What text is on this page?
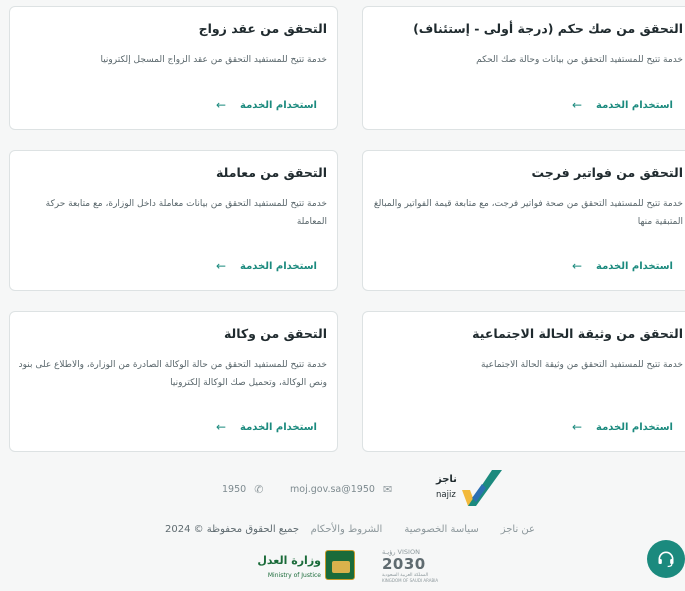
التحقق من صك حكم (درجة أولى - إستئناف)
خدمة تتيح للمستفيد التحقق من بيانات وحالة صك الحكم
استخدام الخدمة
←
التحقق من عقد زواج
خدمة تتيح للمستفيد التحقق من عقد الزواج المسجل إلكترونيا
استخدام الخدمة
←
التحقق من فواتير فرجت
خدمة تتيح للمستفيد التحقق من صحة فواتير فرجت، مع متابعة قيمة الفواتير والمبالغ المتبقية منها
استخدام الخدمة
←
التحقق من معاملة
خدمة تتيح للمستفيد التحقق من بيانات معاملة داخل الوزارة، مع متابعة حركة المعاملة
استخدام الخدمة
←
التحقق من وثيقة الحالة الاجتماعية
خدمة تتيح للمستفيد التحقق من وثيقة الحالة الاجتماعية
استخدام الخدمة
←
التحقق من وكالة
خدمة تتيح للمستفيد التحقق من حالة الوكالة الصادرة من الوزارة، والاطلاع على بنود ونص الوكالة، وتحميل صك الوكالة إلكترونيا
استخدام الخدمة
←
ناجز
najiz
✉
1950@moj.gov.sa
✆
1950
عن ناجز
سياسة الخصوصية
الشروط والأحكام
جميع الحقوق محفوظة © 2024
وزارة العدل
Ministry of Justice
VISION رؤيـة
2030
المملكة العربية السعودية
KINGDOM OF SAUDI ARABIA
